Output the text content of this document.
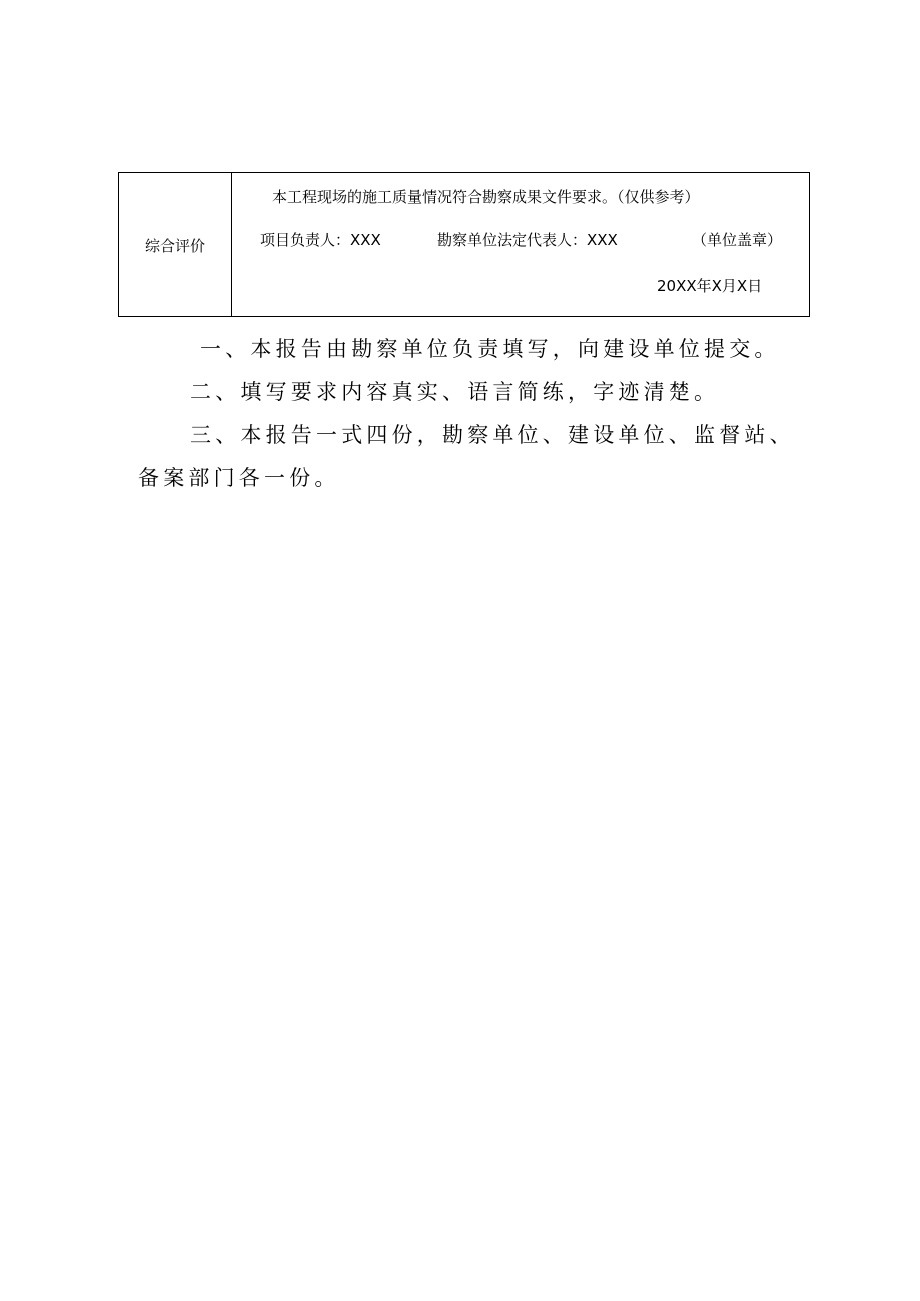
综合评价	
本工程现场的施工质量情况符合勘察成果文件要求。（仅供参考）
项目负责人：XXX	勘察单位法定代表人：XXX	（单位盖章）
20XX年X月X日

一、本报告由勘察单位负责填写，向建设单位提交。

二、填写要求内容真实、语言简练，字迹清楚。

三、本报告一式四份，勘察单位、建设单位、监督站、备案部门各一份。
